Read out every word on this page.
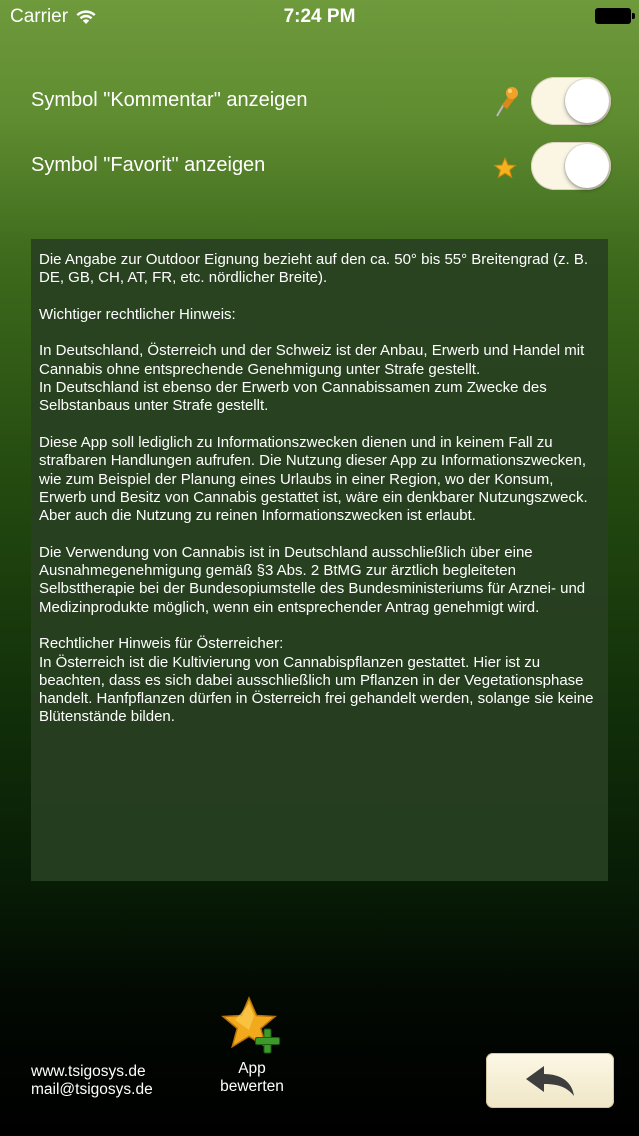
Carrier	7:24 PM
Symbol "Kommentar" anzeigen
Symbol "Favorit" anzeigen

Die Angabe zur Outdoor Eignung bezieht auf den ca. 50° bis 55° Breitengrad (z. B. DE, GB, CH, AT, FR, etc. nördlicher Breite).

Wichtiger rechtlicher Hinweis:

In Deutschland, Österreich und der Schweiz ist der Anbau, Erwerb und Handel mit Cannabis ohne entsprechende Genehmigung unter Strafe gestellt.

In Deutschland ist ebenso der Erwerb von Cannabissamen zum Zwecke des Selbstanbaus unter Strafe gestellt.

Diese App soll lediglich zu Informationszwecken dienen und in keinem Fall zu strafbaren Handlungen aufrufen. Die Nutzung dieser App zu Informationszwecken, wie zum Beispiel der Planung eines Urlaubs in einer Region, wo der Konsum, Erwerb und Besitz von Cannabis gestattet ist, wäre ein denkbarer Nutzungszweck. Aber auch die Nutzung zu reinen Informationszwecken ist erlaubt.

Die Verwendung von Cannabis ist in Deutschland ausschließlich über eine Ausnahmegenehmigung gemäß §3 Abs. 2 BtMG zur ärztlich begleiteten Selbsttherapie bei der Bundesopiumstelle des Bundesministeriums für Arznei- und Medizinprodukte möglich, wenn ein entsprechender Antrag genehmigt wird.

Rechtlicher Hinweis für Österreicher:

In Österreich ist die Kultivierung von Cannabispflanzen gestattet. Hier ist zu beachten, dass es sich dabei ausschließlich um Pflanzen in der Vegetationsphase handelt. Hanfpflanzen dürfen in Österreich frei gehandelt werden, solange sie keine Blütenstände bilden.

www.tsigosys.de
mail@tsigosys.de
App
bewerten
